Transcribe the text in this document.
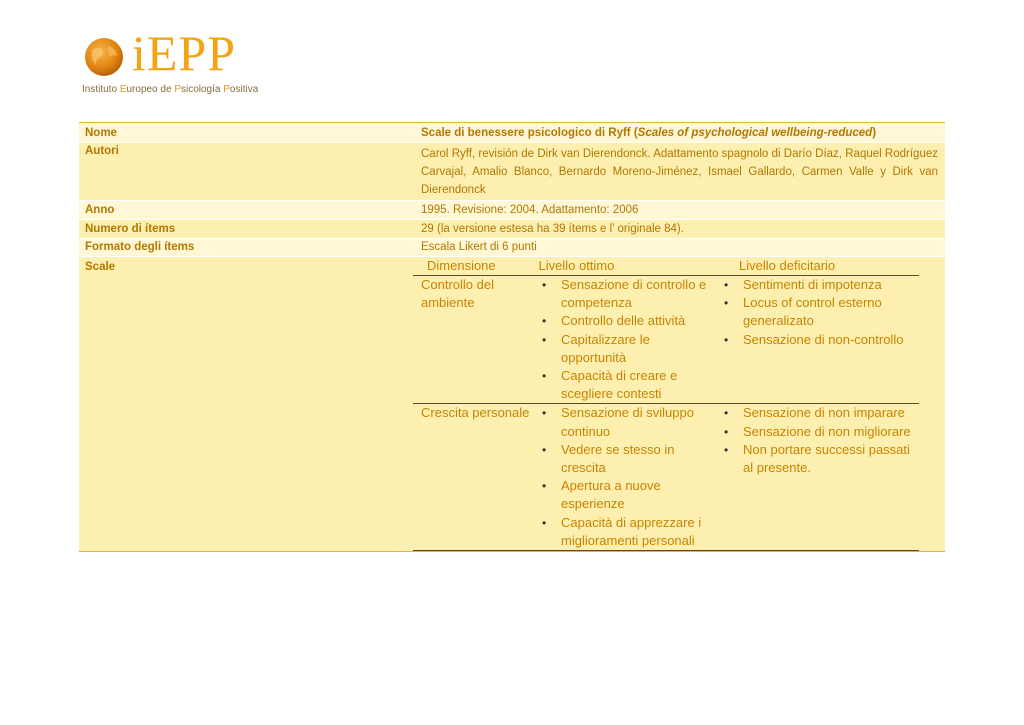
iEPP
Instituto Europeo de Psicología Positiva
Nome	Scale di benessere psicologico di Ryff (Scales of psychological wellbeing-reduced)
Autori	Carol Ryff, revisión de Dirk van Dierendonck. Adattamento spagnolo di Darío Díaz, Raquel Rodríguez Carvajal, Amalio Blanco, Bernardo Moreno-Jiménez, Ismael Gallardo, Carmen Valle y Dirk van Dierendonck
Anno	1995. Revisione: 2004. Adattamento: 2006
Numero di ítems	29 (la versione estesa ha 39 ítems e l’ originale 84).
Formato degli ítems	Escala Likert di 6 punti
Scale	Dimensione	Livello ottimo	Livello deficitario
Controllo del ambiente
• Sensazione di controllo e competenza
• Controllo delle attività
• Capitalizzare le opportunità
• Capacità di creare e scegliere contesti
• Sentimenti di impotenza
• Locus of control esterno generalizato
• Sensazione di non-controllo
Crescita personale
•	Sensazione di sviluppo continuo
• Vedere se stesso in crescita
• Apertura a nuove esperienze
• Capacità di apprezzare i miglioramenti personali
• Sensazione di non imparare
• Sensazione di non migliorare
• Non portare successi passati al presente.
